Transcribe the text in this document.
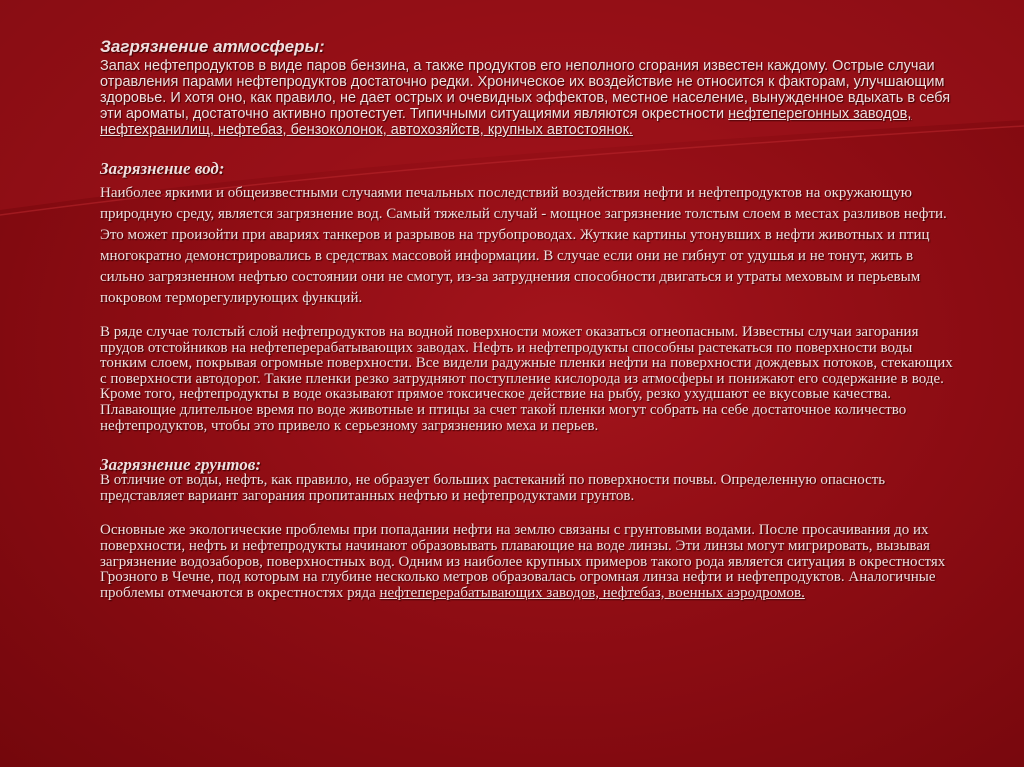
Загрязнение атмосферы:

Запах нефтепродуктов в виде паров бензина, а также продуктов его неполного сгорания известен каждому. Острые случаи отравления парами нефтепродуктов достаточно редки. Хроническое их воздействие не относится к факторам, улучшающим здоровье. И хотя оно, как правило, не дает острых и очевидных эффектов, местное население, вынужденное вдыхать в себя эти ароматы, достаточно активно протестует. Типичными ситуациями являются окрестности нефтеперегонных заводов, нефтехранилищ, нефтебаз, бензоколонок, автохозяйств, крупных автостоянок.

Загрязнение вод:

Наиболее яркими и общеизвестными случаями печальных последствий воздействия нефти и нефтепродуктов на окружающую природную среду, является загрязнение вод. Самый тяжелый случай - мощное загрязнение толстым слоем в местах разливов нефти. Это может произойти при авариях танкеров и разрывов на трубопроводах. Жуткие картины утонувших в нефти животных и птиц многократно демонстрировались в средствах массовой информации. В случае если они не гибнут от удушья и не тонут, жить в сильно загрязненном нефтью состоянии они не смогут, из-за затруднения способности двигаться и утраты меховым и перьевым покровом терморегулирующих функций.

В ряде случае толстый слой нефтепродуктов на водной поверхности может оказаться огнеопасным. Известны случаи загорания прудов отстойников на нефтеперерабатывающих заводах. Нефть и нефтепродукты способны растекаться по поверхности воды тонким слоем, покрывая огромные поверхности. Все видели радужные пленки нефти на поверхности дождевых потоков, стекающих с поверхности автодорог. Такие пленки резко затрудняют поступление кислорода из атмосферы и понижают его содержание в воде. Кроме того, нефтепродукты в воде оказывают прямое токсическое действие на рыбу, резко ухудшают ее вкусовые качества. Плавающие длительное время по воде животные и птицы за счет такой пленки могут собрать на себе достаточное количество нефтепродуктов, чтобы это привело к серьезному загрязнению меха и перьев.

Загрязнение грунтов:

В отличие от воды, нефть, как правило, не образует больших растеканий по поверхности почвы. Определенную опасность представляет вариант загорания пропитанных нефтью и нефтепродуктами грунтов.

Основные же экологические проблемы при попадании нефти на землю связаны с грунтовыми водами. После просачивания до их поверхности, нефть и нефтепродукты начинают образовывать плавающие на воде линзы. Эти линзы могут мигрировать, вызывая загрязнение водозаборов, поверхностных вод. Одним из наиболее крупных примеров такого рода является ситуация в окрестностях Грозного в Чечне, под которым на глубине несколько метров образовалась огромная линза нефти и нефтепродуктов. Аналогичные проблемы отмечаются в окрестностях ряда нефтеперерабатывающих заводов, нефтебаз, военных аэродромов.
